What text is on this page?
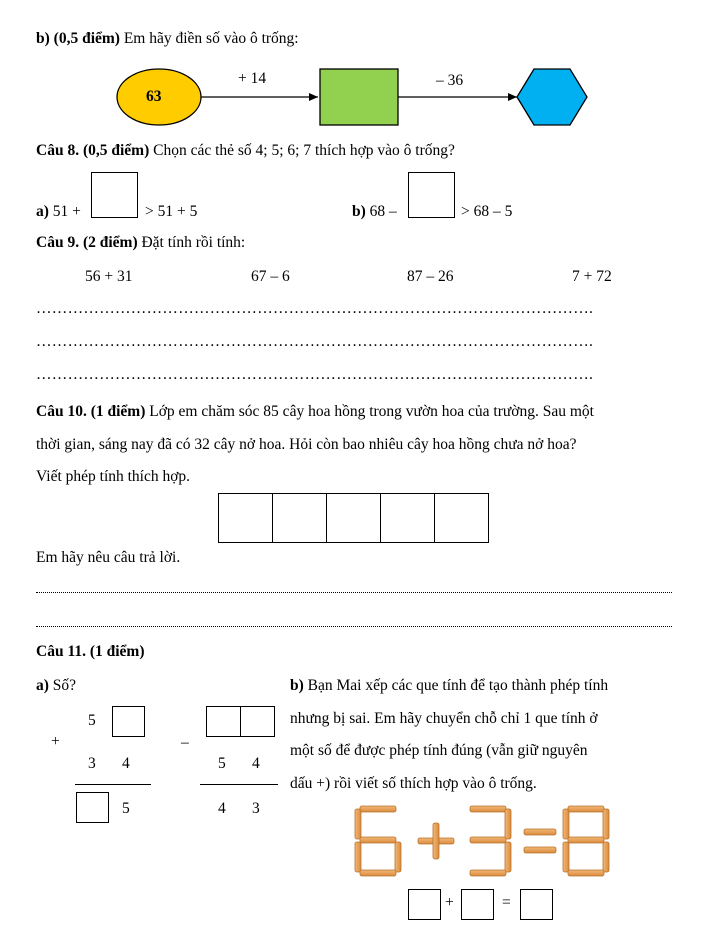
b) (0,5 điểm) Em hãy điền số vào ô trống:
63
+ 14	– 36
Câu 8. (0,5 điểm) Chọn các thẻ số 4; 5; 6; 7 thích hợp vào ô trống?
a) 51 +	> 51 + 5	b) 68 –	> 68 – 5
Câu 9. (2 điểm) Đặt tính rồi tính:
56 + 31	67 – 6	87 – 26	7 + 72
…………………………………………………………………………………………….
…………………………………………………………………………………………….
…………………………………………………………………………………………….
Câu 10. (1 điểm) Lớp em chăm sóc 85 cây hoa hồng trong vườn hoa của trường. Sau một
thời gian, sáng nay đã có 32 cây nở hoa. Hỏi còn bao nhiêu cây hoa hồng chưa nở hoa?
Viết phép tính thích hợp.
Em hãy nêu câu trả lời.
Câu 11. (1 điểm)
a) Số?
5
+
3 4
5
–
5 4
4 3
b) Bạn Mai xếp các que tính để tạo thành phép tính
nhưng bị sai. Em hãy chuyển chỗ chỉ 1 que tính ở
một số để được phép tính đúng (vẫn giữ nguyên
dấu +) rồi viết số thích hợp vào ô trống.
+	=
